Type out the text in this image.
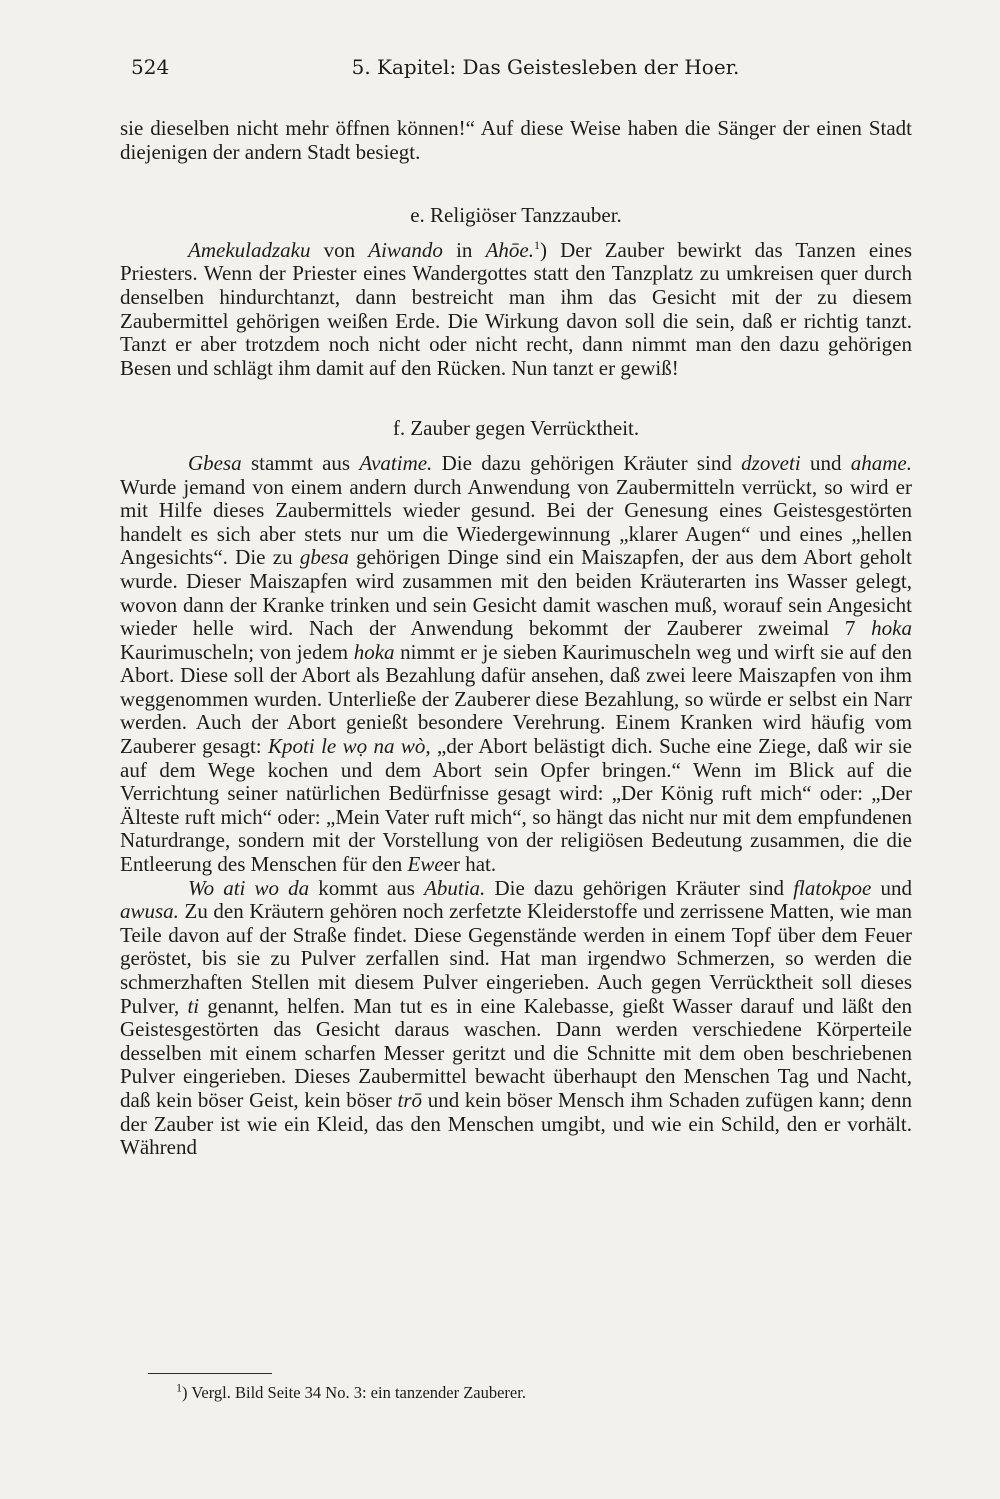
524	5. Kapitel: Das Geistesleben der Hoer.

sie dieselben nicht mehr öffnen können!“ Auf diese Weise haben die Sänger der einen Stadt diejenigen der andern Stadt besiegt.

e. Religiöser Tanzzauber.

Amekuladzaku von Aiwando in Ahōe.$^1$) Der Zauber bewirkt das Tanzen eines Priesters. Wenn der Priester eines Wandergottes statt den Tanzplatz zu umkreisen quer durch denselben hindurchtanzt, dann bestreicht man ihm das Gesicht mit der zu diesem Zaubermittel gehörigen weißen Erde. Die Wirkung davon soll die sein, daß er richtig tanzt. Tanzt er aber trotzdem noch nicht oder nicht recht, dann nimmt man den dazu gehörigen Besen und schlägt ihm damit auf den Rücken. Nun tanzt er gewiß!

f. Zauber gegen Verrücktheit.

Gbesa stammt aus Avatime. Die dazu gehörigen Kräuter sind dzoveti und ahame. Wurde jemand von einem andern durch Anwendung von Zaubermitteln verrückt, so wird er mit Hilfe dieses Zaubermittels wieder gesund. Bei der Genesung eines Geistesgestörten handelt es sich aber stets nur um die Wiedergewinnung „klarer Augen“ und eines „hellen Angesichts“. Die zu gbesa gehörigen Dinge sind ein Maiszapfen, der aus dem Abort geholt wurde. Dieser Maiszapfen wird zusammen mit den beiden Kräuterarten ins Wasser gelegt, wovon dann der Kranke trinken und sein Gesicht damit waschen muß, worauf sein Angesicht wieder helle wird. Nach der Anwendung bekommt der Zauberer zweimal 7 hoka Kaurimuscheln; von jedem hoka nimmt er je sieben Kaurimuscheln weg und wirft sie auf den Abort. Diese soll der Abort als Bezahlung dafür ansehen, daß zwei leere Maiszapfen von ihm weggenommen wurden. Unterließe der Zauberer diese Bezahlung, so würde er selbst ein Narr werden. Auch der Abort genießt besondere Verehrung. Einem Kranken wird häufig vom Zauberer gesagt: Kpoti le wọ na wò, „der Abort belästigt dich. Suche eine Ziege, daß wir sie auf dem Wege kochen und dem Abort sein Opfer bringen.“ Wenn im Blick auf die Verrichtung seiner natürlichen Bedürfnisse gesagt wird: „Der König ruft mich“ oder: „Der Älteste ruft mich“ oder: „Mein Vater ruft mich“, so hängt das nicht nur mit dem empfundenen Naturdrange, sondern mit der Vorstellung von der religiösen Bedeutung zusammen, die die Entleerung des Menschen für den Eweer hat.

Wo ati wo da kommt aus Abutia. Die dazu gehörigen Kräuter sind flatokpoe und awusa. Zu den Kräutern gehören noch zerfetzte Kleiderstoffe und zerrissene Matten, wie man Teile davon auf der Straße findet. Diese Gegenstände werden in einem Topf über dem Feuer geröstet, bis sie zu Pulver zerfallen sind. Hat man irgendwo Schmerzen, so werden die schmerzhaften Stellen mit diesem Pulver eingerieben. Auch gegen Verrücktheit soll dieses Pulver, ti genannt, helfen. Man tut es in eine Kalebasse, gießt Wasser darauf und läßt den Geistesgestörten das Gesicht daraus waschen. Dann werden verschiedene Körperteile desselben mit einem scharfen Messer geritzt und die Schnitte mit dem oben beschriebenen Pulver eingerieben. Dieses Zaubermittel bewacht überhaupt den Menschen Tag und Nacht, daß kein böser Geist, kein böser trō und kein böser Mensch ihm Schaden zufügen kann; denn der Zauber ist wie ein Kleid, das den Menschen umgibt, und wie ein Schild, den er vorhält. Während

$^1$) Vergl. Bild Seite 34 No. 3: ein tanzender Zauberer.
